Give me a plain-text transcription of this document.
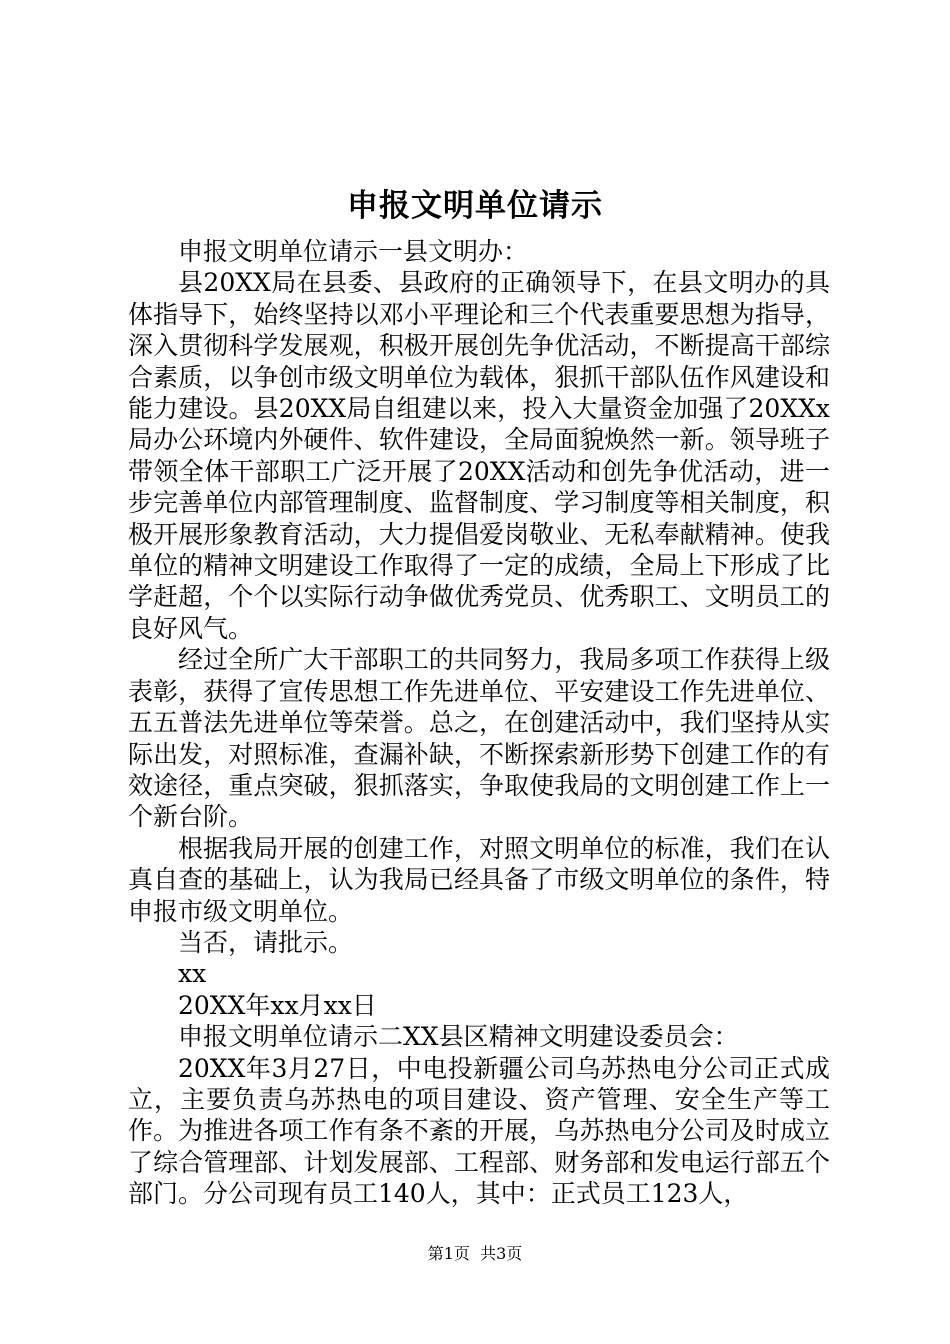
申报文明单位请示

申报文明单位请示一县文明办：

县20XX局在县委、县政府的正确领导下，在县文明办的具体指导下，始终坚持以邓小平理论和三个代表重要思想为指导，深入贯彻科学发展观，积极开展创先争优活动，不断提高干部综合素质，以争创市级文明单位为载体，狠抓干部队伍作风建设和能力建设。县20XX局自组建以来，投入大量资金加强了20XXx局办公环境内外硬件、软件建设，全局面貌焕然一新。领导班子带领全体干部职工广泛开展了20XX活动和创先争优活动，进一步完善单位内部管理制度、监督制度、学习制度等相关制度，积极开展形象教育活动，大力提倡爱岗敬业、无私奉献精神。使我单位的精神文明建设工作取得了一定的成绩，全局上下形成了比学赶超，个个以实际行动争做优秀党员、优秀职工、文明员工的良好风气。

经过全所广大干部职工的共同努力，我局多项工作获得上级表彰，获得了宣传思想工作先进单位、平安建设工作先进单位、五五普法先进单位等荣誉。总之，在创建活动中，我们坚持从实际出发，对照标准，查漏补缺，不断探索新形势下创建工作的有效途径，重点突破，狠抓落实，争取使我局的文明创建工作上一个新台阶。

根据我局开展的创建工作，对照文明单位的标准，我们在认真自查的基础上，认为我局已经具备了市级文明单位的条件，特申报市级文明单位。

当否，请批示。

xx

20XX年xx月xx日

申报文明单位请示二XX县区精神文明建设委员会：

20XX年3月27日，中电投新疆公司乌苏热电分公司正式成立，主要负责乌苏热电的项目建设、资产管理、安全生产等工作。为推进各项工作有条不紊的开展，乌苏热电分公司及时成立了综合管理部、计划发展部、工程部、财务部和发电运行部五个部门。分公司现有员工140人，其中：正式员工123人，

第1页 共3页
